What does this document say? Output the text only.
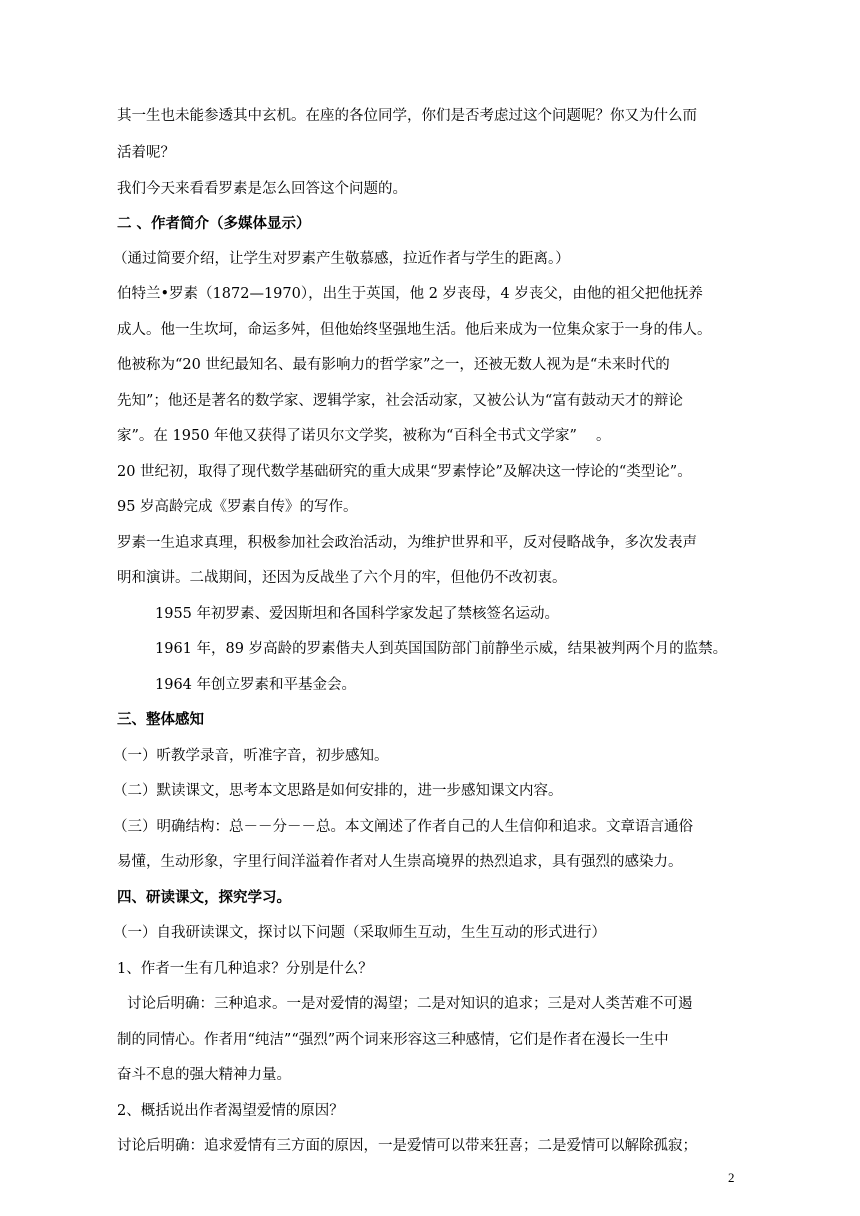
其一生也未能参透其中玄机。在座的各位同学，你们是否考虑过这个问题呢？你又为什么而
活着呢？
我们今天来看看罗素是怎么回答这个问题的。
二 、作者简介（多媒体显示）
（通过简要介绍，让学生对罗素产生敬慕感，拉近作者与学生的距离。）
伯特兰•罗素（1872—1970），出生于英国，他 2 岁丧母，4 岁丧父，由他的祖父把他抚养
成人。他一生坎坷，命运多舛，但他始终坚强地生活。他后来成为一位集众家于一身的伟人。
他被称为“20 世纪最知名、最有影响力的哲学家”之一，还被无数人视为是“未来时代的
先知”；他还是著名的数学家、逻辑学家，社会活动家，又被公认为“富有鼓动天才的辩论
家”。在 1950 年他又获得了诺贝尔文学奖，被称为“百科全书式文学家”　 。
20 世纪初，取得了现代数学基础研究的重大成果“罗素悖论”及解决这一悖论的“类型论”。
95 岁高龄完成《罗素自传》的写作。
罗素一生追求真理，积极参加社会政治活动，为维护世界和平，反对侵略战争，多次发表声
明和演讲。二战期间，还因为反战坐了六个月的牢，但他仍不改初衷。
1955 年初罗素、爱因斯坦和各国科学家发起了禁核签名运动。
1961 年，89 岁高龄的罗素偕夫人到英国国防部门前静坐示威，结果被判两个月的监禁。
1964 年创立罗素和平基金会。
三、整体感知
（一）听教学录音，听准字音，初步感知。
（二）默读课文，思考本文思路是如何安排的，进一步感知课文内容。
（三）明确结构：总－－分－－总。本文阐述了作者自己的人生信仰和追求。文章语言通俗
易懂，生动形象，字里行间洋溢着作者对人生崇高境界的热烈追求，具有强烈的感染力。
四、研读课文，探究学习。
（一）自我研读课文，探讨以下问题（采取师生互动，生生互动的形式进行）
1、作者一生有几种追求？分别是什么？
讨论后明确：三种追求。一是对爱情的渴望；二是对知识的追求；三是对人类苦难不可遏
制的同情心。作者用“纯洁”“强烈”两个词来形容这三种感情，它们是作者在漫长一生中
奋斗不息的强大精神力量。
2、概括说出作者渴望爱情的原因？
讨论后明确：追求爱情有三方面的原因，一是爱情可以带来狂喜；二是爱情可以解除孤寂；
2
